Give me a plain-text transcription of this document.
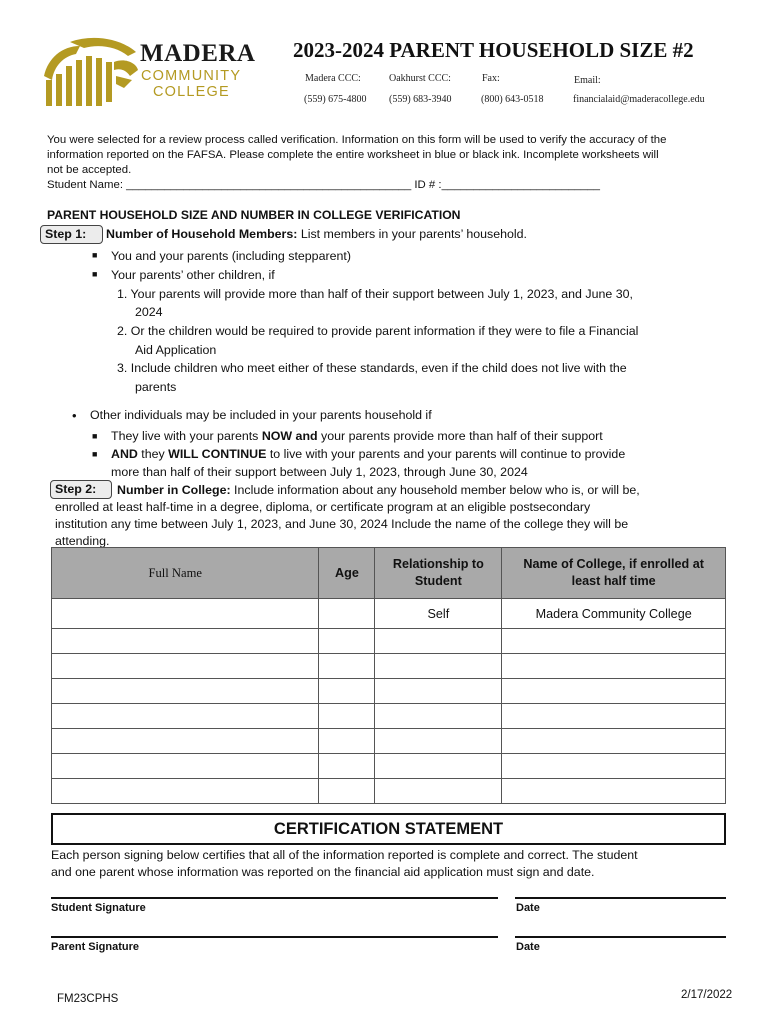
MADERA
COMMUNITY
COLLEGE
2023-2024 PARENT HOUSEHOLD SIZE #2
Madera CCC:	Oakhurst CCC:	Fax:	Email:
(559) 675-4800 (559) 683-3940	(800) 643-0518	financialaid@maderacollege.edu
You were selected for a review process called verification. Information on this form will be used to verify the accuracy of the
information reported on the FAFSA. Please complete the entire worksheet in blue or black ink. Incomplete worksheets will
not be accepted.
Student Name: _____________________________________________ ID # :_________________________
PARENT HOUSEHOLD SIZE AND NUMBER IN COLLEGE VERIFICATION
Step 1:	Number of Household Members: List members in your parents’ household.
■ You and your parents (including stepparent)
■ Your parents’ other children, if
1. Your parents will provide more than half of their support between July 1, 2023, and June 30,
2024
2. Or the children would be required to provide parent information if they were to file a Financial
Aid Application
3. Include children who meet either of these standards, even if the child does not live with the
parents
• Other individuals may be included in your parents household if
■ They live with your parents NOW and your parents provide more than half of their support
■ AND they WILL CONTINUE to live with your parents and your parents will continue to provide
more than half of their support between July 1, 2023, through June 30, 2024
Step 2:	Number in College: Include information about any household member below who is, or will be,
enrolled at least half-time in a degree, diploma, or certificate program at an eligible postsecondary
institution any time between July 1, 2023, and June 30, 2024 Include the name of the college they will be
attending.
Full Name	Age	Relationship to Student	Name of College, if enrolled at least half time
		Self	Madera Community College

CERTIFICATION STATEMENT
Each person signing below certifies that all of the information reported is complete and correct. The student
and one parent whose information was reported on the financial aid application must sign and date.
Student Signature	Date
Parent Signature	Date
FM23CPHS	2/17/2022
